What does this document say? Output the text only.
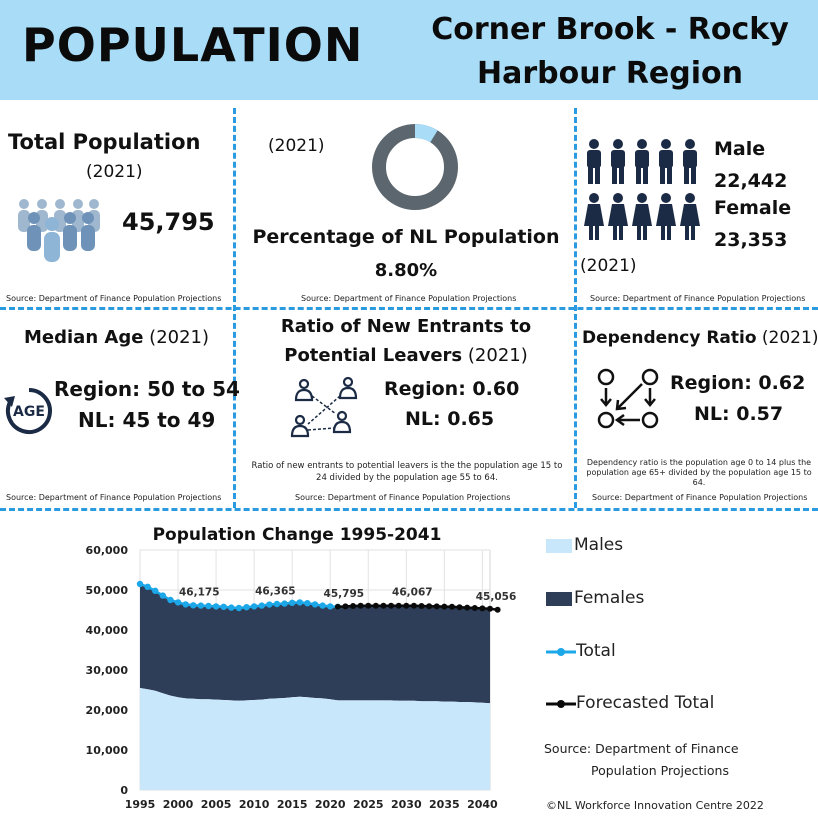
POPULATION	Corner Brook - Rocky Harbour Region
Total Population
(2021)
45,795
Source: Department of Finance Population Projections
(2021)
Percentage of NL Population
8.80%
Source: Department of Finance Population Projections
Male
22,442
Female
23,353
(2021)
Source: Department of Finance Population Projections
Median Age (2021)
AGE
Region: 50 to 54
NL: 45 to 49
Source: Department of Finance Population Projections
Ratio of New Entrants to
Potential Leavers (2021)
Region: 0.60
NL: 0.65
Ratio of new entrants to potential leavers is the the population age 15 to 24 divided by the population age 55 to 64.
Source: Department of Finance Population Projections
Dependency Ratio (2021)
Region: 0.62
NL: 0.57
Dependency ratio is the population age 0 to 14 plus the population age 65+ divided by the population age 15 to 64.
Source: Department of Finance Population Projections
Population Change 1995-2041
0
10,000
20,000
30,000
40,000
50,000
60,000
1995 2000 2005 2010 2015 2020 2025 2030 2035 2040
46,175	46,365	45,795	46,067	45,056
Males
Females
Total
Forecasted Total
Source: Department of Finance
Population Projections
©NL Workforce Innovation Centre 2022
